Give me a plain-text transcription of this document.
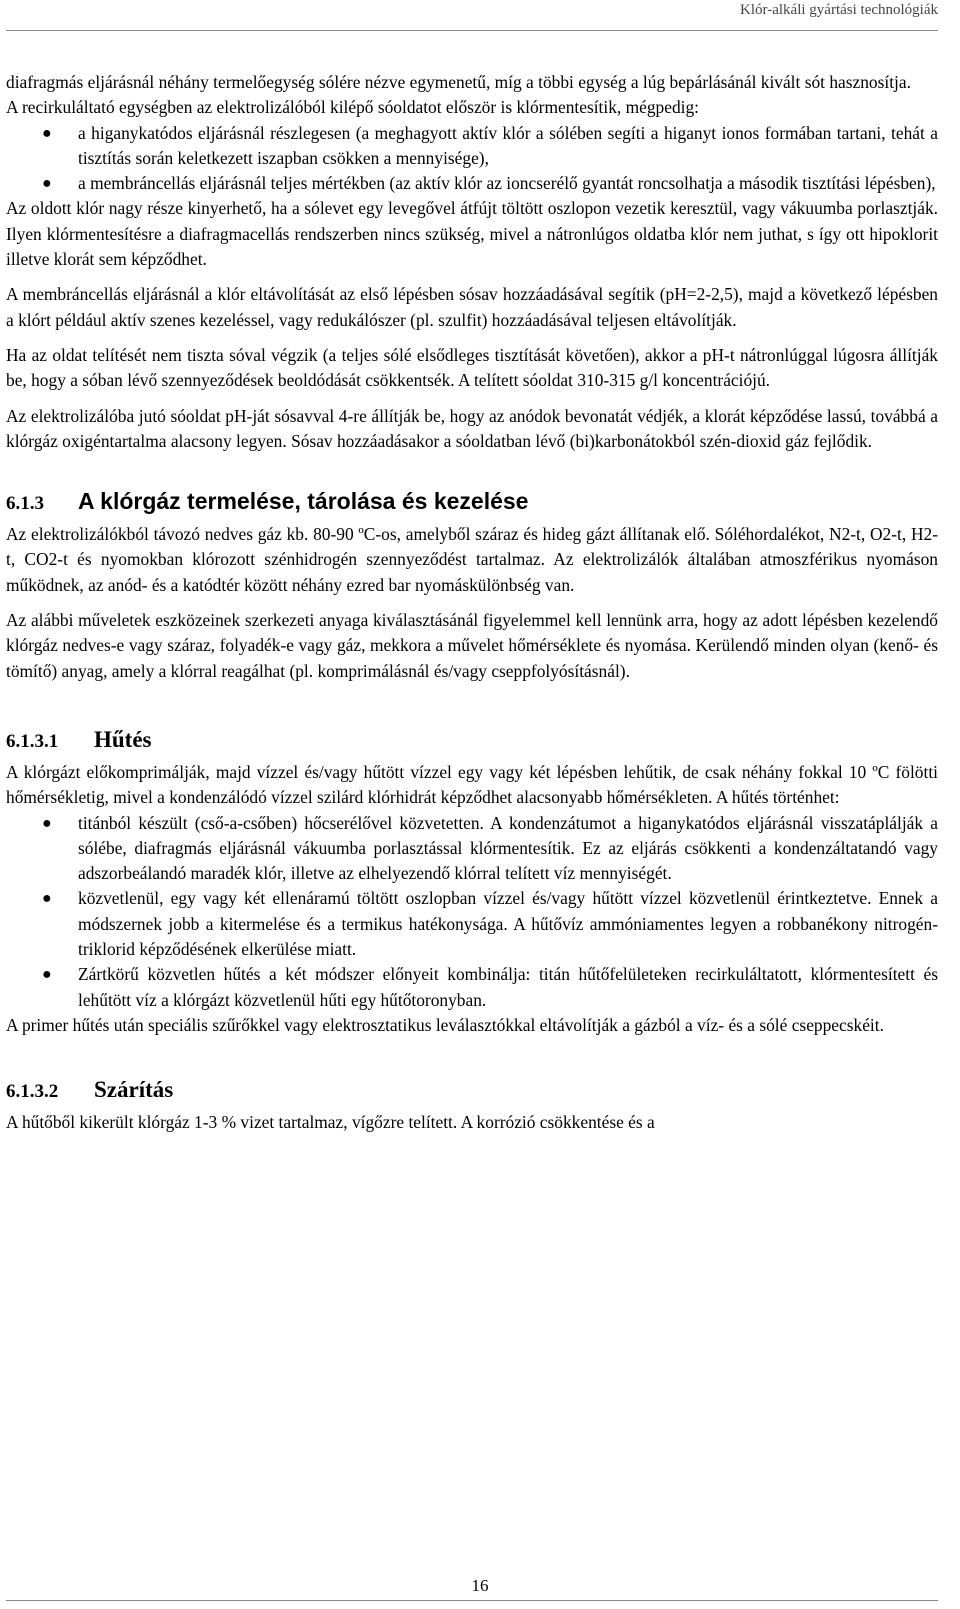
Klór-alkáli gyártási technológiák

diafragmás eljárásnál néhány termelőegység sólére nézve egymenetű, míg a többi egység a lúg bepárlásánál kivált sót hasznosítja.

A recirkuláltató egységben az elektrolizálóból kilépő sóoldatot először is klórmentesítik, mégpedig:

● a higanykatódos eljárásnál részlegesen (a meghagyott aktív klór a sólében segíti a higanyt ionos formában tartani, tehát a tisztítás során keletkezett iszapban csökken a mennyisége),
● a membráncellás eljárásnál teljes mértékben (az aktív klór az ioncserélő gyantát roncsolhatja a második tisztítási lépésben),

Az oldott klór nagy része kinyerhető, ha a sólevet egy levegővel átfújt töltött oszlopon vezetik keresztül, vagy vákuumba porlasztják. Ilyen klórmentesítésre a diafragmacellás rendszerben nincs szükség, mivel a nátronlúgos oldatba klór nem juthat, s így ott hipoklorit illetve klorát sem képződhet.

A membráncellás eljárásnál a klór eltávolítását az első lépésben sósav hozzáadásával segítik (pH=2-2,5), majd a következő lépésben a klórt például aktív szenes kezeléssel, vagy redukálószer (pl. szulfit) hozzáadásával teljesen eltávolítják.

Ha az oldat telítését nem tiszta sóval végzik (a teljes sólé elsődleges tisztítását követően), akkor a pH-t nátronlúggal lúgosra állítják be, hogy a sóban lévő szennyeződések beoldódását csökkentsék. A telített sóoldat 310-315 g/l koncentrációjú.

Az elektrolizálóba jutó sóoldat pH-ját sósavval 4-re állítják be, hogy az anódok bevonatát védjék, a klorát képződése lassú, továbbá a klórgáz oxigéntartalma alacsony legyen. Sósav hozzáadásakor a sóoldatban lévő (bi)karbonátokból szén-dioxid gáz fejlődik.

6.1.3	A klórgáz termelése, tárolása és kezelése

Az elektrolizálókból távozó nedves gáz kb. 80-90 ºC-os, amelyből száraz és hideg gázt állítanak elő. Sóléhordalékot, N2-t, O2-t, H2-t, CO2-t és nyomokban klórozott szénhidrogén szennyeződést tartalmaz. Az elektrolizálók általában atmoszférikus nyomáson működnek, az anód- és a katódtér között néhány ezred bar nyomáskülönbség van.

Az alábbi műveletek eszközeinek szerkezeti anyaga kiválasztásánál figyelemmel kell lennünk arra, hogy az adott lépésben kezelendő klórgáz nedves-e vagy száraz, folyadék-e vagy gáz, mekkora a művelet hőmérséklete és nyomása. Kerülendő minden olyan (kenő- és tömítő) anyag, amely a klórral reagálhat (pl. komprimálásnál és/vagy cseppfolyósításnál).

6.1.3.1	Hűtés

A klórgázt előkomprimálják, majd vízzel és/vagy hűtött vízzel egy vagy két lépésben lehűtik, de csak néhány fokkal 10 ºC fölötti hőmérsékletig, mivel a kondenzálódó vízzel szilárd klórhidrát képződhet alacsonyabb hőmérsékleten. A hűtés történhet:

● titánból készült (cső-a-csőben) hőcserélővel közvetetten. A kondenzátumot a higanykatódos eljárásnál visszatáplálják a sólébe, diafragmás eljárásnál vákuumba porlasztással klórmentesítik. Ez az eljárás csökkenti a kondenzáltatandó vagy adszorbeálandó maradék klór, illetve az elhelyezendő klórral telített víz mennyiségét.
● közvetlenül, egy vagy két ellenáramú töltött oszlopban vízzel és/vagy hűtött vízzel közvetlenül érintkeztetve. Ennek a módszernek jobb a kitermelése és a termikus hatékonysága. A hűtővíz ammóniamentes legyen a robbanékony nitrogén-triklorid képződésének elkerülése miatt.
● Zártkörű közvetlen hűtés a két módszer előnyeit kombinálja: titán hűtőfelületeken recirkuláltatott, klórmentesített és lehűtött víz a klórgázt közvetlenül hűti egy hűtőtoronyban.

A primer hűtés után speciális szűrőkkel vagy elektrosztatikus leválasztókkal eltávolítják a gázból a víz- és a sólé cseppecskéit.

6.1.3.2	Szárítás

A hűtőből kikerült klórgáz 1-3 % vizet tartalmaz, vígőzre telített. A korrózió csökkentése és a

16
